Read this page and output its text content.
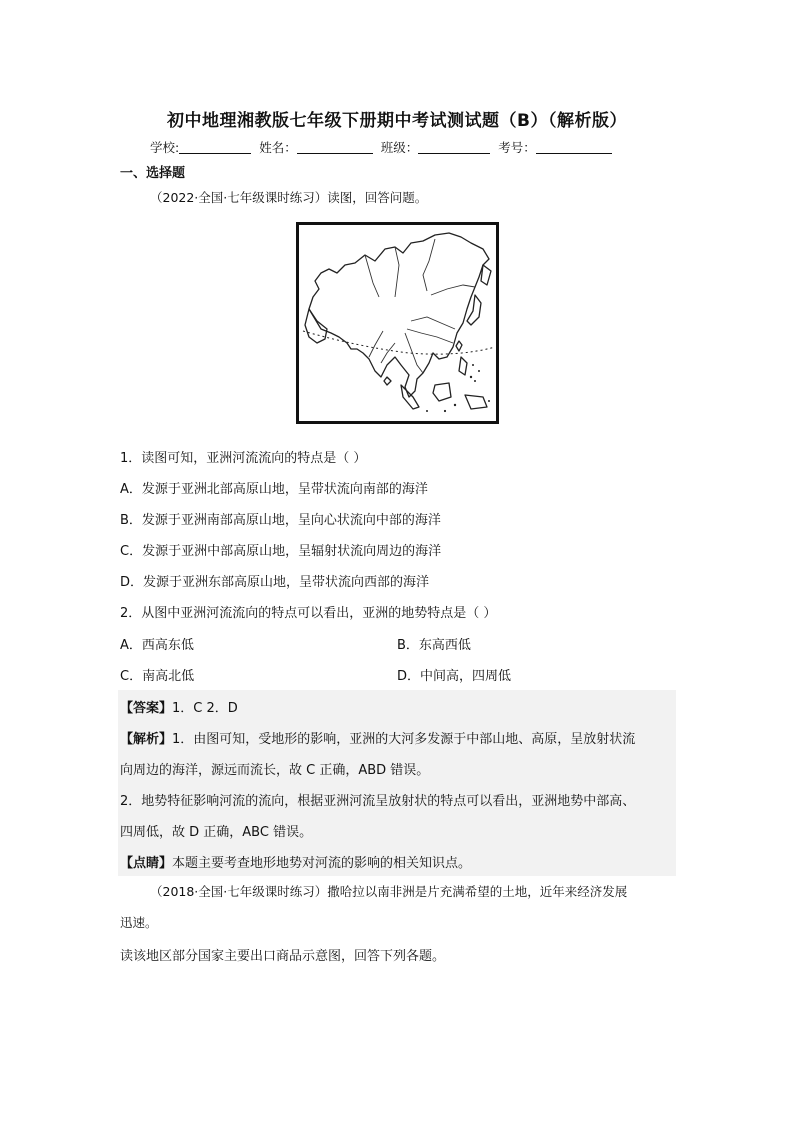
初中地理湘教版七年级下册期中考试测试题（B）（解析版）
学校:	姓名：	班级：	考号：
一、选择题
（2022·全国·七年级课时练习）读图，回答问题。
1．读图可知，亚洲河流流向的特点是（ ）
A．发源于亚洲北部高原山地，呈带状流向南部的海洋
B．发源于亚洲南部高原山地，呈向心状流向中部的海洋
C．发源于亚洲中部高原山地，呈辐射状流向周边的海洋
D．发源于亚洲东部高原山地，呈带状流向西部的海洋
2．从图中亚洲河流流向的特点可以看出，亚洲的地势特点是（ ）
A．西高东低	B．东高西低
C．南高北低	D．中间高，四周低
【答案】1．C 2．D
【解析】1．由图可知，受地形的影响，亚洲的大河多发源于中部山地、高原，呈放射状流
向周边的海洋，源远而流长，故 C 正确，ABD 错误。
2．地势特征影响河流的流向，根据亚洲河流呈放射状的特点可以看出，亚洲地势中部高、
四周低，故 D 正确，ABC 错误。
【点睛】本题主要考查地形地势对河流的影响的相关知识点。
（2018·全国·七年级课时练习）撒哈拉以南非洲是片充满希望的土地，近年来经济发展
迅速。
读该地区部分国家主要出口商品示意图，回答下列各题。
